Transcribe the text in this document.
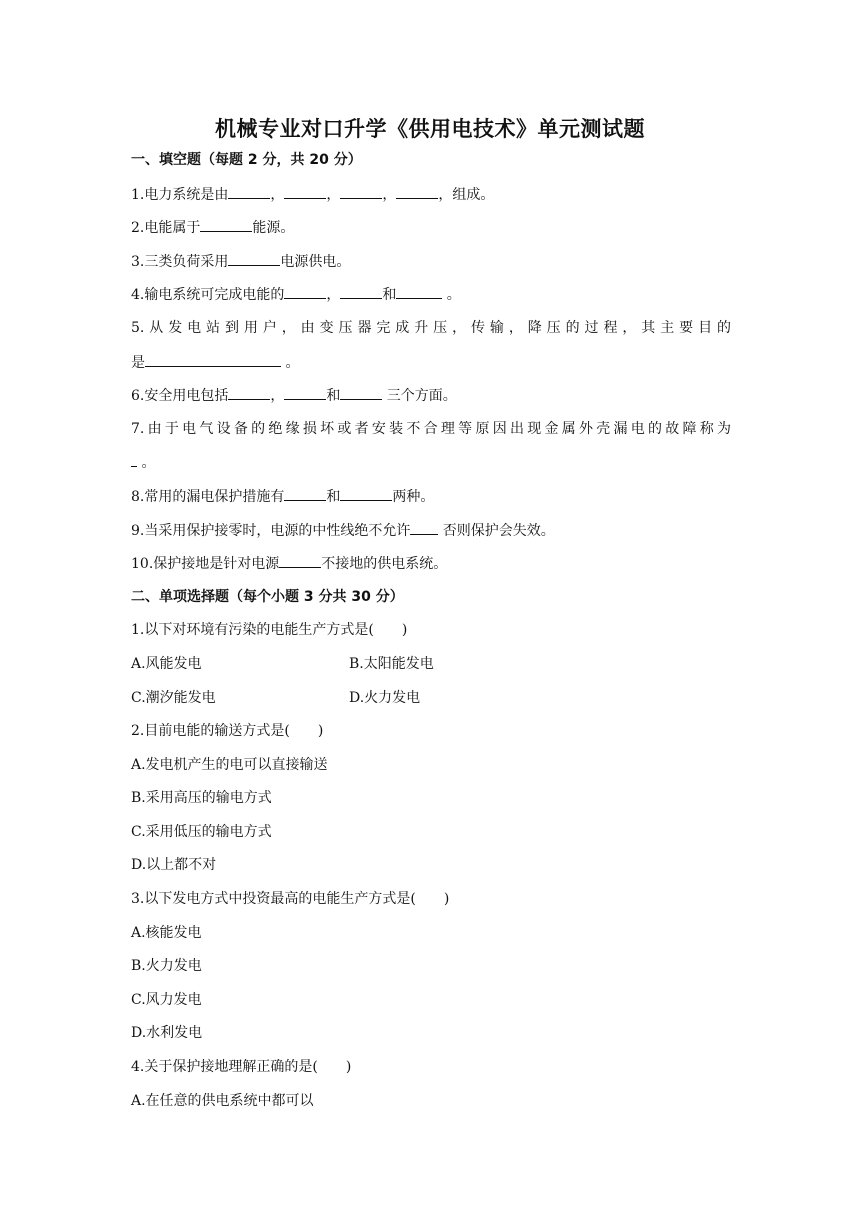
机械专业对口升学《供用电技术》单元测试题
一、填空题（每题 2 分，共 20 分）
1.电力系统是由	，	，	，	，组成。
2.电能属于	能源。
3.三类负荷采用	电源供电。
4.输电系统可完成电能的	，	和	。
5.从发电站到用户，由变压器完成升压，传输，降压的过程，其主要目的
是	。
6.安全用电包括	，	和	三个方面。
7.由于电气设备的绝缘损坏或者安装不合理等原因出现金属外壳漏电的故障称为
。
8.常用的漏电保护措施有	和	两种。
9.当采用保护接零时，电源的中性线绝不允许 否则保护会失效。
10.保护接地是针对电源	不接地的供电系统。
二、单项选择题（每个小题 3 分共 30 分）
1.以下对环境有污染的电能生产方式是(　　)
A.风能发电	B.太阳能发电
C.潮汐能发电	D.火力发电
2.目前电能的输送方式是(　　)
A.发电机产生的电可以直接输送
B.采用高压的输电方式
C.采用低压的输电方式
D.以上都不对
3.以下发电方式中投资最高的电能生产方式是(　　)
A.核能发电
B.火力发电
C.风力发电
D.水利发电
4.关于保护接地理解正确的是(　　)
A.在任意的供电系统中都可以
